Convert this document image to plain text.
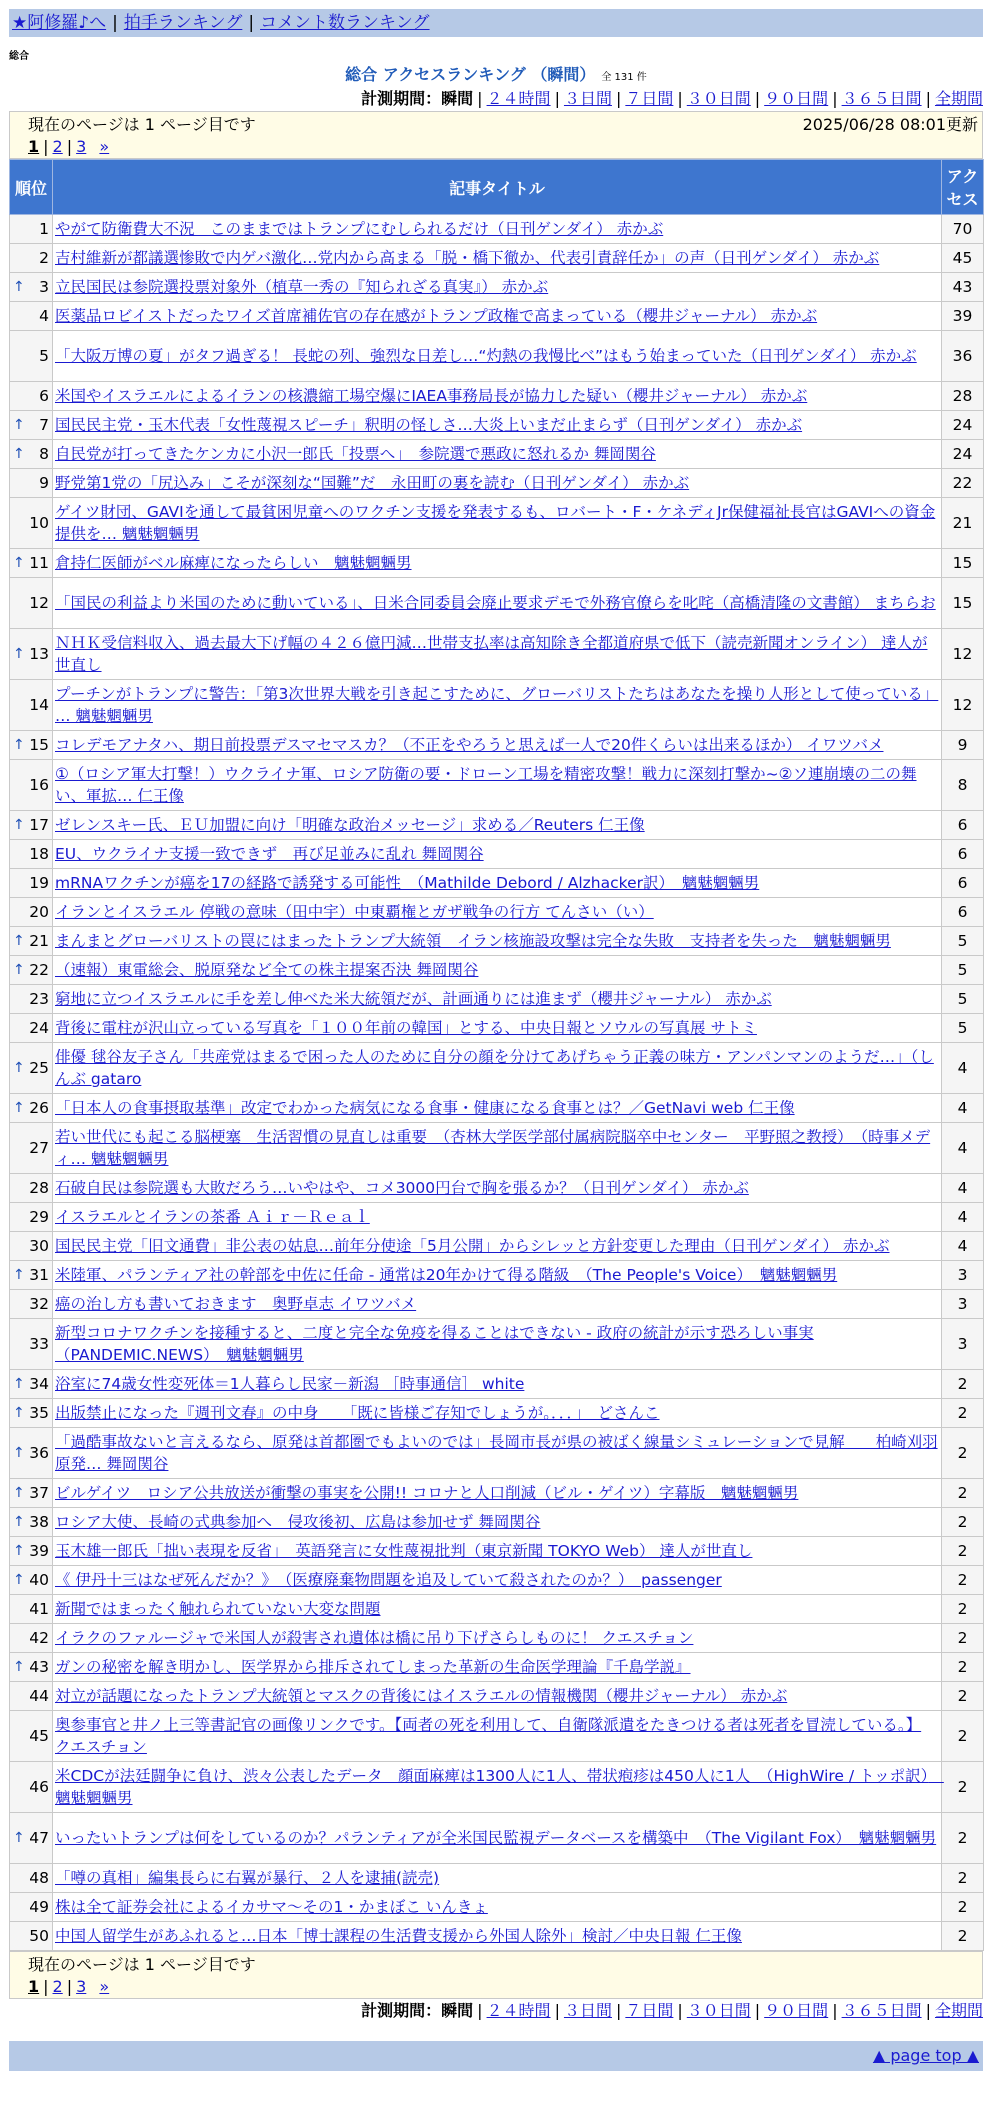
★阿修羅♪へ | 拍手ランキング | コメント数ランキング
総合
総合 アクセスランキング （瞬間） 全 131 件
計測期間：瞬間 | ２４時間 | ３日間 | ７日間 | ３０日間 | ９０日間 | ３６５日間 | 全期間
現在のページは 1 ページ目です	2025/06/28 08:01更新
1 | 2 | 3 »
順位	記事タイトル	アクセス
1	やがて防衛費大不況　このままではトランプにむしられるだけ（日刊ゲンダイ） 赤かぶ	70
2	吉村維新が都議選惨敗で内ゲバ激化…党内から高まる「脱・橋下徹か、代表引責辞任か」の声（日刊ゲンダイ） 赤かぶ	45

↑ 3	立民国民は参院選投票対象外（植草一秀の『知られざる真実』） 赤かぶ	43
4	医薬品ロビイストだったワイズ首席補佐官の存在感がトランプ政権で高まっている（櫻井ジャーナル） 赤かぶ	39
5	「大阪万博の夏」がタフ過ぎる！ 長蛇の列、強烈な日差し…“灼熱の我慢比べ”はもう始まっていた（日刊ゲンダイ） 赤かぶ	36
6	米国やイスラエルによるイランの核濃縮工場空爆にIAEA事務局長が協力した疑い（櫻井ジャーナル） 赤かぶ	28

↑ 7	国民民主党・玉木代表「女性蔑視スピーチ」釈明の怪しさ…大炎上いまだ止まらず（日刊ゲンダイ） 赤かぶ	24

↑ 8	自民党が打ってきたケンカに小沢一郎氏「投票へ」　参院選で悪政に怒れるか 舞岡関谷	24
9	野党第1党の「尻込み」こそが深刻な“国難”だ　永田町の裏を読む（日刊ゲンダイ） 赤かぶ	22
10	ゲイツ財団、GAVIを通して最貧困児童へのワクチン支援を発表するも、ロバート・F・ケネディJr保健福祉長官はGAVIへの資金提供を… 魑魅魍魎男	21

↑ 11	倉持仁医師がベル麻痺になったらしい　魑魅魍魎男	15
12	「国民の利益より米国のために動いている」、日米合同委員会廃止要求デモで外務官僚らを叱咤（高橋清隆の文書館） まちらお	15

↑ 13	ＮＨＫ受信料収入、過去最大下げ幅の４２６億円減…世帯支払率は高知除き全都道府県で低下（読売新聞オンライン） 達人が世直し	12
14	プーチンがトランプに警告：「第3次世界大戦を引き起こすために、グローバリストたちはあなたを操り人形として使っている」 … 魑魅魍魎男	12

↑ 15	コレデモアナタハ、期日前投票デスマセマスカ？（不正をやろうと思えば一人で20件くらいは出来るほか） イワツバメ	9
16	①（ロシア軍大打撃！）ウクライナ軍、ロシア防衛の要・ドローン工場を精密攻撃！戦力に深刻打撃か~②ソ連崩壊の二の舞い、軍拡… 仁王像	8

↑ 17	ゼレンスキー氏、ＥＵ加盟に向け「明確な政治メッセージ」求める／Reuters 仁王像	6
18	EU、ウクライナ支援一致できず　再び足並みに乱れ 舞岡関谷	6
19	mRNAワクチンが癌を17の経路で誘発する可能性　（Mathilde Debord / Alzhacker訳）　魑魅魍魎男	6
20	イランとイスラエル 停戦の意味（田中宇）中東覇権とガザ戦争の行方 てんさい（い）	6

↑ 21	まんまとグローバリストの罠にはまったトランプ大統領　イラン核施設攻撃は完全な失敗　支持者を失った　魑魅魍魎男	5

↑ 22	（速報）東電総会、脱原発など全ての株主提案否決 舞岡関谷	5
23	窮地に立つイスラエルに手を差し伸べた米大統領だが、計画通りには進まず（櫻井ジャーナル） 赤かぶ	5
24	背後に電柱が沢山立っている写真を「１００年前の韓国」とする、中央日報とソウルの写真展 サトミ	5

↑ 25	俳優 毬谷友子さん「共産党はまるで困った人のために自分の顔を分けてあげちゃう正義の味方・アンパンマンのようだ…」（しんぶ gataro	4

↑ 26	「日本人の食事摂取基準」改定でわかった病気になる食事・健康になる食事とは？／GetNavi web 仁王像	4
27	若い世代にも起こる脳梗塞　生活習慣の見直しは重要　（杏林大学医学部付属病院脳卒中センター　平野照之教授）　（時事メディ… 魑魅魍魎男	4
28	石破自民は参院選も大敗だろう…いやはや、コメ3000円台で胸を張るか？（日刊ゲンダイ） 赤かぶ	4
29	イスラエルとイランの茶番 Ａｉｒ－Ｒｅａｌ	4
30	国民民主党「旧文通費」非公表の姑息…前年分使途「5月公開」からシレッと方針変更した理由（日刊ゲンダイ） 赤かぶ	4

↑ 31	米陸軍、パランティア社の幹部を中佐に任命 - 通常は20年かけて得る階級　（The People's Voice）　魑魅魍魎男	3
32	癌の治し方も書いておきます　奥野卓志 イワツバメ	3
33	新型コロナワクチンを接種すると、二度と完全な免疫を得ることはできない - 政府の統計が示す恐ろしい事実（PANDEMIC.NEWS）　魑魅魍魎男	3

↑ 34	浴室に74歳女性変死体＝1人暮らし民家－新潟 ［時事通信］ white	2

↑ 35	出版禁止になった『週刊文春』の中身　　「既に皆様ご存知でしょうが。．．．」　どさんこ	2

↑ 36	「過酷事故ないと言えるなら、原発は首都圏でもよいのでは」長岡市長が県の被ばく線量シミュレーションで見解　　柏崎刈羽原発… 舞岡関谷	2

↑ 37	ビルゲイツ　ロシア公共放送が衝撃の事実を公開!! コロナと人口削減（ビル・ゲイツ）字幕版　魑魅魍魎男	2

↑ 38	ロシア大使、長崎の式典参加へ　侵攻後初、広島は参加せず 舞岡関谷	2

↑ 39	玉木雄一郎氏「拙い表現を反省」　英語発言に女性蔑視批判（東京新聞 TOKYO Web） 達人が世直し	2

↑ 40	《 伊丹十三はなぜ死んだか？》　（医療廃棄物問題を追及していて殺されたのか？）　passenger	2
41	新聞ではまったく触れられていない大変な問題	2
42	イラクのファルージャで米国人が殺害され遺体は橋に吊り下げさらしものに！ クエスチョン	2

↑ 43	ガンの秘密を解き明かし、医学界から排斥されてしまった革新の生命医学理論『千島学説』	2
44	対立が話題になったトランプ大統領とマスクの背後にはイスラエルの情報機関（櫻井ジャーナル） 赤かぶ	2
45	奥参事官と井ノ上三等書記官の画像リンクです。【両者の死を利用して、自衛隊派遣をたきつける者は死者を冒涜している。】 クエスチョン	2
46	米CDCが法廷闘争に負け、渋々公表したデータ　顔面麻痺は1300人に1人、帯状疱疹は450人に1人　（HighWire / トッポ訳）　魑魅魍魎男	2

↑ 47	いったいトランプは何をしているのか？パランティアが全米国民監視データベースを構築中　（The Vigilant Fox）　魑魅魍魎男	2
48	「噂の真相」編集長らに右翼が暴行、２人を逮捕(読売)	2
49	株は全て証券会社によるイカサマ～その1・かまぼこ いんきょ	2
50	中国人留学生があふれると…日本「博士課程の生活費支援から外国人除外」検討／中央日報 仁王像	2
現在のページは 1 ページ目です
1 | 2 | 3 »
計測期間：瞬間 | ２４時間 | ３日間 | ７日間 | ３０日間 | ９０日間 | ３６５日間 | 全期間
▲ page top ▲
